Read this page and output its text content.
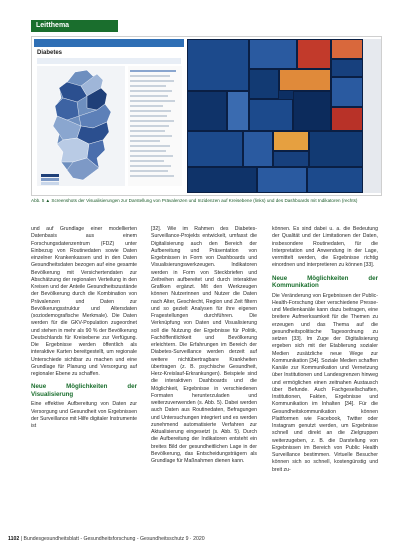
Leitthema
Diabetes
Abb. 5 ▲ Screenshots der Visualisierungen zur Darstellung von Prävalenzen und Inzidenzen auf Kreisebene (links) und des Dashboards mit Indikatoren (rechts)

und auf Grundlage einer modellierten Datenbasis aus einem Forschungsdatenzentrum (FDZ) unter Einbezug von Routinedaten sowie Daten einzelner Krankenkassen und in den Daten Gesundheitsdaten bezogen auf eine gesamte Bevölkerung mit Versichertendaten zur Abschätzung der regionalen Verteilung in den Kreisen und der Anteile Gesundheitszustände der Bevölkerung durch die Kombination von Prävalenzen und Daten zur Bevölkerungsstruktur und Altersdaten (soziodemografische Merkmale). Die Daten werden für die GKV-Population zugeordnet und stehen in mehr als 90 % der Bevölkerung Deutschlands für Kreisebene zur Verfügung. Die Ergebnisse werden öffentlich als interaktive Karten bereitgestellt, um regionale Unterschiede sichtbar zu machen und eine Grundlage für Planung und Versorgung auf regionaler Ebene zu schaffen.

Neue Möglichkeiten der Visualisierung

Eine effektive Aufbereitung von Daten zur Versorgung und Gesundheit von Ergebnissen der Surveillance mit Hilfe digitaler Instrumente ist

[32]. Wie im Rahmen des Diabetes-Surveillance-Projekts entwickelt, umfasst die Digitalisierung auch den Bereich der Aufbereitung und Präsentation von Ergebnissen in Form von Dashboards und Visualisierungswerkzeugen. Indikatoren werden in Form von Steckbriefen und Zeitreihen aufbereitet und durch interaktive Grafiken ergänzt. Mit den Werkzeugen können Nutzerinnen und Nutzer die Daten nach Alter, Geschlecht, Region und Zeit filtern und so gezielt Analysen für ihre eigenen Fragestellungen durchführen. Die Verknüpfung von Daten und Visualisierung soll die Nutzung der Ergebnisse für Politik, Fachöffentlichkeit und Bevölkerung erleichtern. Die Erfahrungen im Bereich der Diabetes-Surveillance werden derzeit auf weitere nichtübertragbare Krankheiten übertragen (z. B. psychische Gesundheit, Herz-Kreislauf-Erkrankungen). Beispiele sind die interaktiven Dashboards und die Möglichkeit, Ergebnisse in verschiedenen Formaten herunterzuladen und weiterzuverwenden (s. Abb. 5). Dabei werden auch Daten aus Routinedaten, Befragungen und Untersuchungen integriert und es werden zunehmend automatisierte Verfahren zur Aktualisierung eingesetzt (s. Abb. 5). Durch die Aufbereitung der Indikatoren entsteht ein breites Bild der gesundheitlichen Lage in der Bevölkerung, das Entscheidungsträgern als Grundlage für Maßnahmen dienen kann.

können. Es sind dabei u. a. die Bedeutung der Qualität und der Limitationen der Daten, insbesondere Routinedaten, für die Interpretation und Anwendung in der Lage, vermittelt werden, die Ergebnisse richtig einordnen und interpretieren zu können [33].

Neue Möglichkeiten der Kommunikation

Die Veränderung von Ergebnissen der Public-Health-Forschung über verschiedene Presse- und Medienkanäle kann dazu beitragen, eine breitere Aufmerksamkeit für die Themen zu erzeugen und das Thema auf die gesundheitspolitische Tagesordnung zu setzen [33]. Im Zuge der Digitalisierung ergeben sich mit der Etablierung sozialer Medien zusätzliche neue Wege zur Kommunikation [34]. Soziale Medien schaffen Kanäle zur Kommunikation und Vernetzung über Institutionen und Landesgrenzen hinweg und ermöglichen einen zeitnahen Austausch über Befunde. Auch Fachgesellschaften, Institutionen, Fakten, Ergebnisse und Kommunikation im Inhalten [34]. Für die Gesundheitskommunikation können Plattformen wie Facebook, Twitter oder Instagram genutzt werden, um Ergebnisse schnell und direkt an die Zielgruppen weiterzugeben, z. B. die Darstellung von Ergebnissen im Bereich von Public Health Surveillance bestimmen. Virtuelle Besucher können sich so schnell, kostengünstig und breit zu-

1102 | Bundesgesundheitsblatt - Gesundheitsforschung - Gesundheitsschutz 9 · 2020
